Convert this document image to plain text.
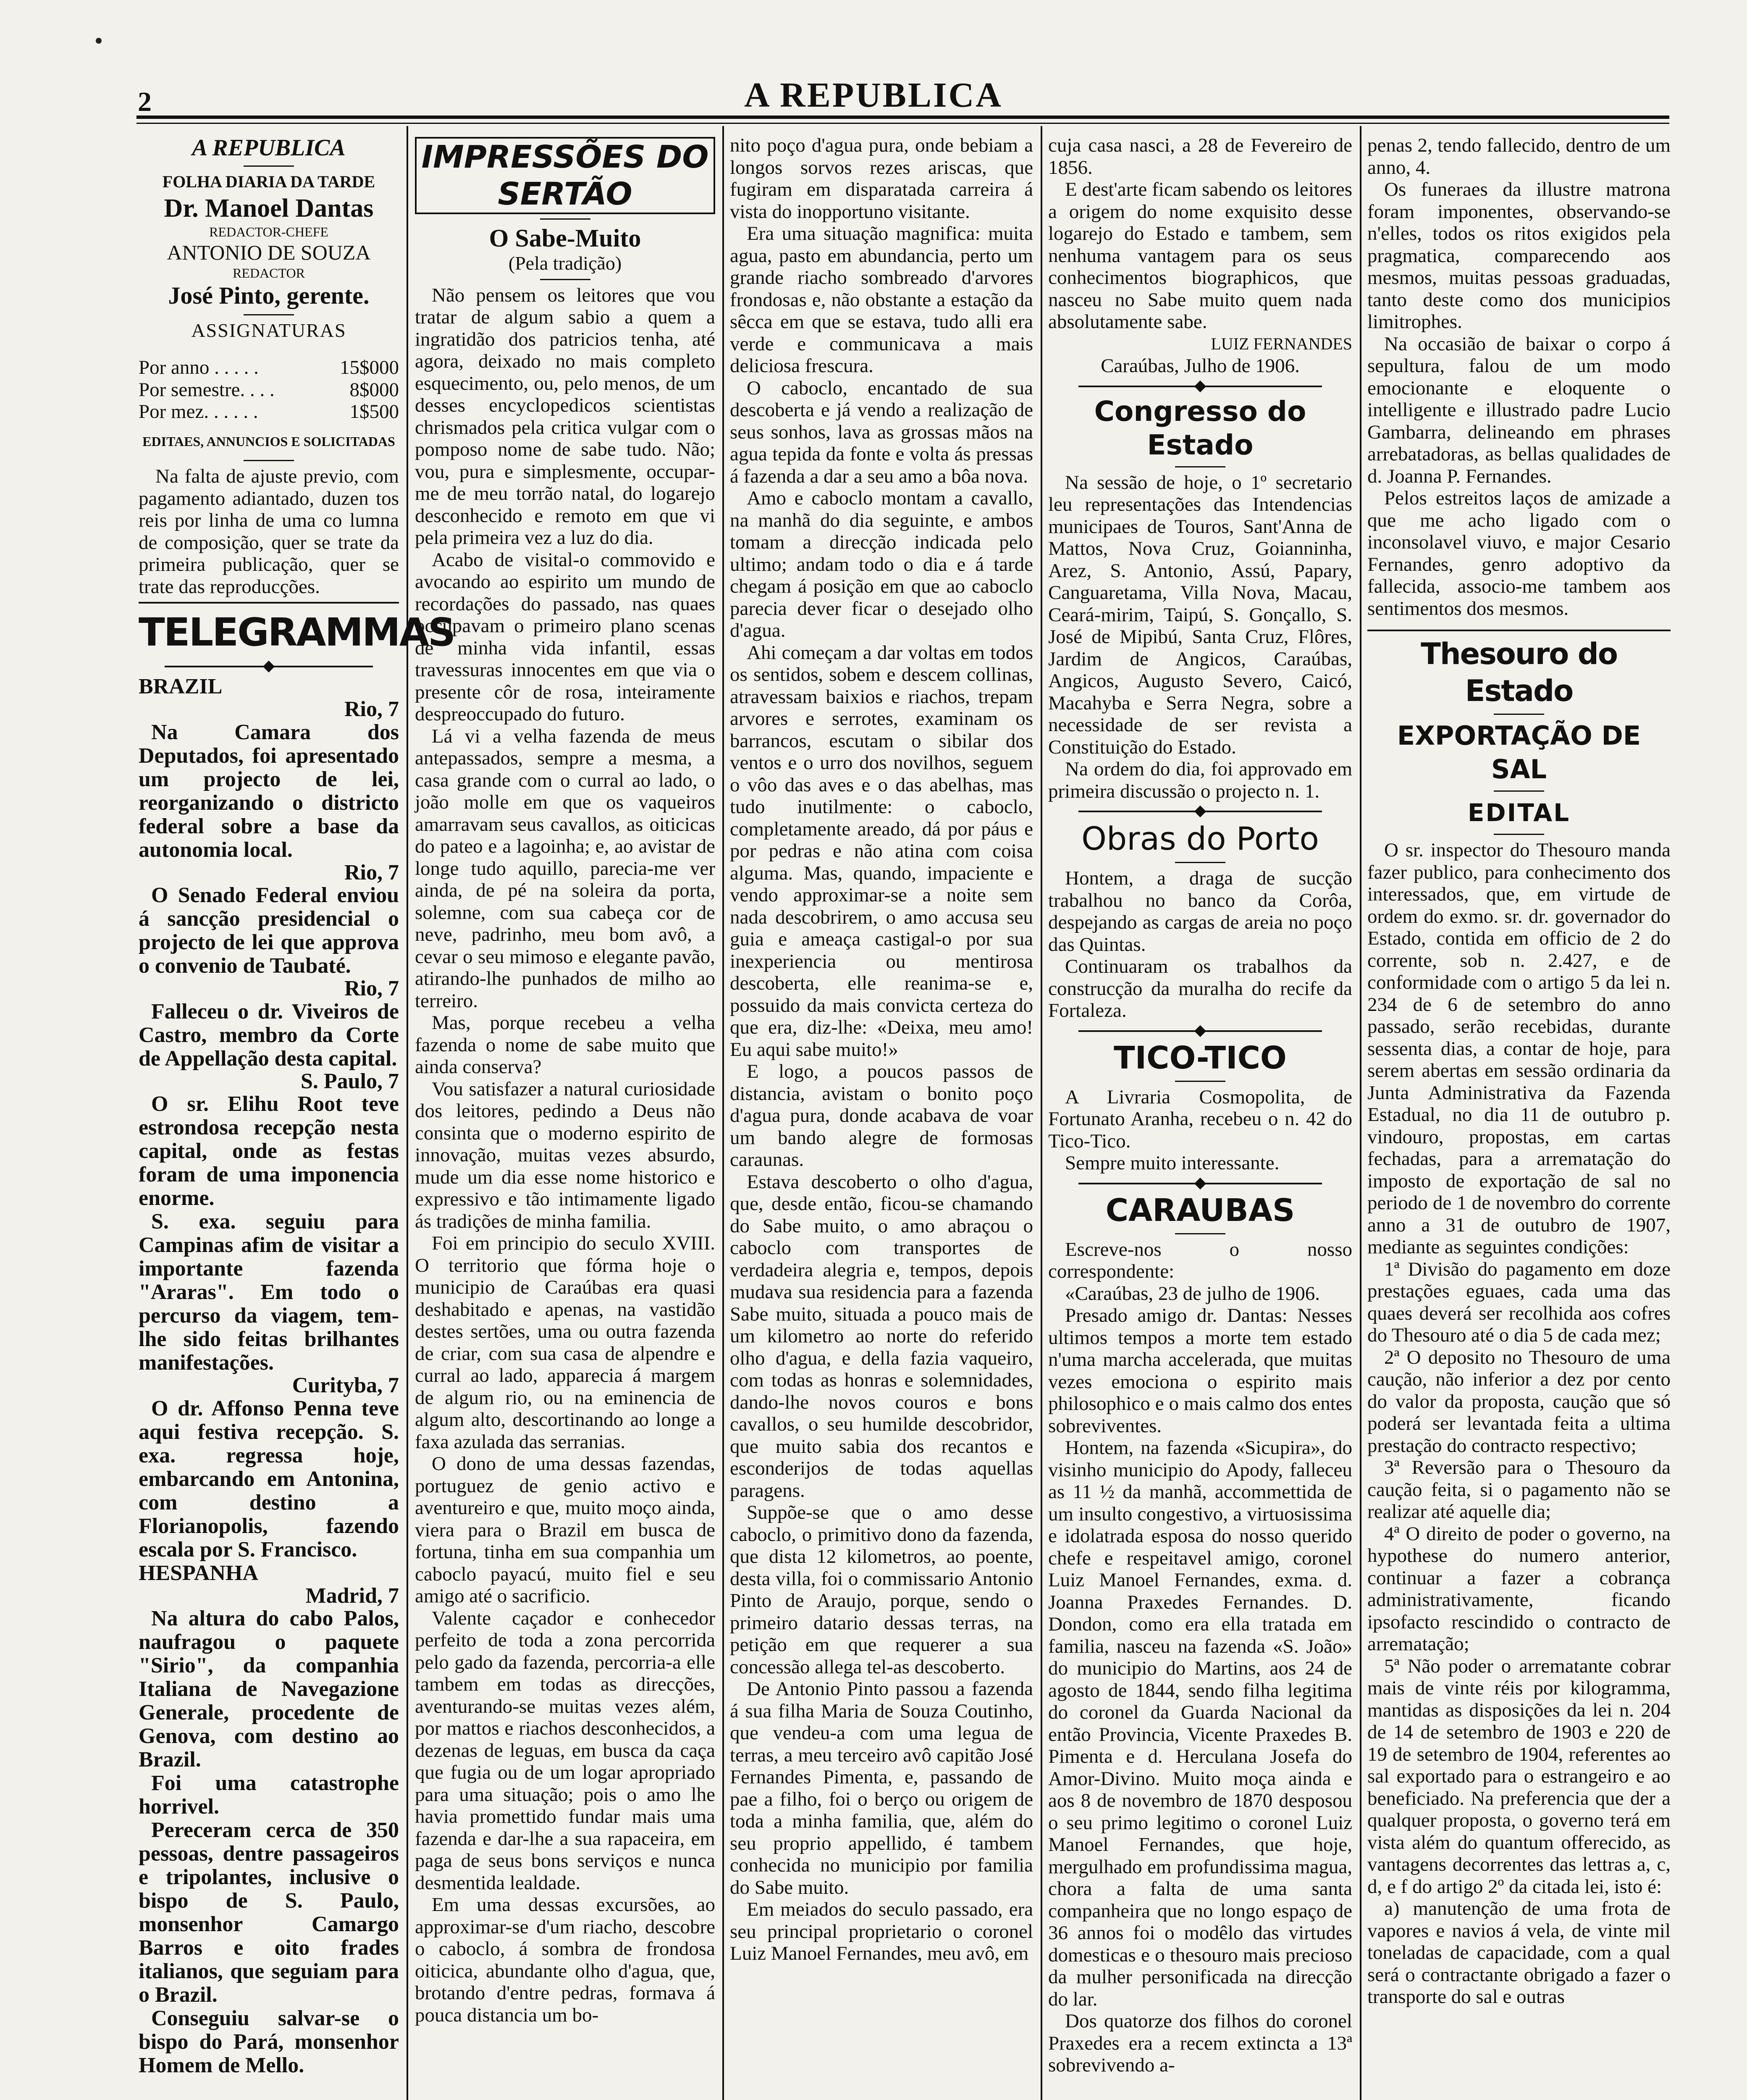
2	A REPUBLICA

A REPUBLICA

FOLHA DIARIA DA TARDE

Dr. Manoel Dantas

REDACTOR-CHEFE

ANTONIO DE SOUZA

REDACTOR

José Pinto, gerente.

ASSIGNATURAS

Por anno . . . . .	15$000
Por semestre. . . .	8$000
Por mez. . . . . .	1$500

EDITAES, ANNUNCIOS E SOLICITADAS

Na falta de ajuste previo, com pagamento adiantado, duzen tos reis por linha de uma co lumna de composição, quer se trate da primeira publicação, quer se trate das reproducções.

TELEGRAMMAS

BRAZIL

Rio, 7

Na Camara dos Deputados, foi apresentado um projecto de lei, reorganizando o districto federal sobre a base da autonomia local.

Rio, 7

O Senado Federal enviou á sancção presidencial o projecto de lei que approva o convenio de Taubaté.

Rio, 7

Falleceu o dr. Viveiros de Castro, membro da Corte de Appellação desta capital.

S. Paulo, 7

O sr. Elihu Root teve estrondosa recepção nesta capital, onde as festas foram de uma imponencia enorme.

S. exa. seguiu para Campinas afim de visitar a importante fazenda "Araras". Em todo o percurso da viagem, tem-lhe sido feitas brilhantes manifestações.

Curityba, 7

O dr. Affonso Penna teve aqui festiva recepção. S. exa. regressa hoje, embarcando em Antonina, com destino a Florianopolis, fazendo escala por S. Francisco.

HESPANHA

Madrid, 7

Na altura do cabo Palos, naufragou o paquete "Sirio", da companhia Italiana de Navegazione Generale, procedente de Genova, com destino ao Brazil.

Foi uma catastrophe horrivel.

Pereceram cerca de 350 pessoas, dentre passageiros e tripolantes, inclusive o bispo de S. Paulo, monsenhor Camargo Barros e oito frades italianos, que seguiam para o Brazil.

Conseguiu salvar-se o bispo do Pará, monsenhor Homem de Mello.

IMPRESSÕES DO SERTÃO

O Sabe-Muito

(Pela tradição)

Não pensem os leitores que vou tratar de algum sabio a quem a ingratidão dos patricios tenha, até agora, deixado no mais completo esquecimento, ou, pelo menos, de um desses encyclopedicos scientistas chrismados pela critica vulgar com o pomposo nome de sabe tudo. Não; vou, pura e simplesmente, occupar-me de meu torrão natal, do logarejo desconhecido e remoto em que vi pela primeira vez a luz do dia.

Acabo de visital-o commovido e avocando ao espirito um mundo de recordações do passado, nas quaes occupavam o primeiro plano scenas de minha vida infantil, essas travessuras innocentes em que via o presente côr de rosa, inteiramente despreoccupado do futuro.

Lá vi a velha fazenda de meus antepassados, sempre a mesma, a casa grande com o curral ao lado, o joão molle em que os vaqueiros amarravam seus cavallos, as oiticicas do pateo e a lagoinha; e, ao avistar de longe tudo aquillo, parecia-me ver ainda, de pé na soleira da porta, solemne, com sua cabeça cor de neve, padrinho, meu bom avô, a cevar o seu mimoso e elegante pavão, atirando-lhe punhados de milho ao terreiro.

Mas, porque recebeu a velha fazenda o nome de sabe muito que ainda conserva?

Vou satisfazer a natural curiosidade dos leitores, pedindo a Deus não consinta que o moderno espirito de innovação, muitas vezes absurdo, mude um dia esse nome historico e expressivo e tão intimamente ligado ás tradições de minha familia.

Foi em principio do seculo XVIII. O territorio que fórma hoje o municipio de Caraúbas era quasi deshabitado e apenas, na vastidão destes sertões, uma ou outra fazenda de criar, com sua casa de alpendre e curral ao lado, apparecia á margem de algum rio, ou na eminencia de algum alto, descortinando ao longe a faxa azulada das serranias.

O dono de uma dessas fazendas, portuguez de genio activo e aventureiro e que, muito moço ainda, viera para o Brazil em busca de fortuna, tinha em sua companhia um caboclo payacú, muito fiel e seu amigo até o sacrificio.

Valente caçador e conhecedor perfeito de toda a zona percorrida pelo gado da fazenda, percorria-a elle tambem em todas as direcções, aventurando-se muitas vezes além, por mattos e riachos desconhecidos, a dezenas de leguas, em busca da caça que fugia ou de um logar apropriado para uma situação; pois o amo lhe havia promettido fundar mais uma fazenda e dar-lhe a sua rapaceira, em paga de seus bons serviços e nunca desmentida lealdade.

Em uma dessas excursões, ao approximar-se d'um riacho, descobre o caboclo, á sombra de frondosa oiticica, abundante olho d'agua, que, brotando d'entre pedras, formava á pouca distancia um bo-

nito poço d'agua pura, onde bebiam a longos sorvos rezes ariscas, que fugiram em disparatada carreira á vista do inopportuno visitante.

Era uma situação magnifica: muita agua, pasto em abundancia, perto um grande riacho sombreado d'arvores frondosas e, não obstante a estação da sêcca em que se estava, tudo alli era verde e communicava a mais deliciosa frescura.

O caboclo, encantado de sua descoberta e já vendo a realização de seus sonhos, lava as grossas mãos na agua tepida da fonte e volta ás pressas á fazenda a dar a seu amo a bôa nova.

Amo e caboclo montam a cavallo, na manhã do dia seguinte, e ambos tomam a direcção indicada pelo ultimo; andam todo o dia e á tarde chegam á posição em que ao caboclo parecia dever ficar o desejado olho d'agua.

Ahi começam a dar voltas em todos os sentidos, sobem e descem collinas, atravessam baixios e riachos, trepam arvores e serrotes, examinam os barrancos, escutam o sibilar dos ventos e o urro dos novilhos, seguem o vôo das aves e o das abelhas, mas tudo inutilmente: o caboclo, completamente areado, dá por páus e por pedras e não atina com coisa alguma. Mas, quando, impaciente e vendo approximar-se a noite sem nada descobrirem, o amo accusa seu guia e ameaça castigal-o por sua inexperiencia ou mentirosa descoberta, elle reanima-se e, possuido da mais convicta certeza do que era, diz-lhe: «Deixa, meu amo! Eu aqui sabe muito!»

E logo, a poucos passos de distancia, avistam o bonito poço d'agua pura, donde acabava de voar um bando alegre de formosas caraunas.

Estava descoberto o olho d'agua, que, desde então, ficou-se chamando do Sabe muito, o amo abraçou o caboclo com transportes de verdadeira alegria e, tempos, depois mudava sua residencia para a fazenda Sabe muito, situada a pouco mais de um kilometro ao norte do referido olho d'agua, e della fazia vaqueiro, com todas as honras e solemnidades, dando-lhe novos couros e bons cavallos, o seu humilde descobridor, que muito sabia dos recantos e esconderijos de todas aquellas paragens.

Suppõe-se que o amo desse caboclo, o primitivo dono da fazenda, que dista 12 kilometros, ao poente, desta villa, foi o commissario Antonio Pinto de Araujo, porque, sendo o primeiro datario dessas terras, na petição em que requerer a sua concessão allega tel-as descoberto.

De Antonio Pinto passou a fazenda á sua filha Maria de Souza Coutinho, que vendeu-a com uma legua de terras, a meu terceiro avô capitão José Fernandes Pimenta, e, passando de pae a filho, foi o berço ou origem de toda a minha familia, que, além do seu proprio appellido, é tambem conhecida no municipio por familia do Sabe muito.

Em meiados do seculo passado, era seu principal proprietario o coronel Luiz Manoel Fernandes, meu avô, em

cuja casa nasci, a 28 de Fevereiro de 1856.

E dest'arte ficam sabendo os leitores a origem do nome exquisito desse logarejo do Estado e tambem, sem nenhuma vantagem para os seus conhecimentos biographicos, que nasceu no Sabe muito quem nada absolutamente sabe.

LUIZ FERNANDES

Caraúbas, Julho de 1906.

Congresso do Estado

Na sessão de hoje, o 1º secretario leu representações das Intendencias municipaes de Touros, Sant'Anna de Mattos, Nova Cruz, Goianninha, Arez, S. Antonio, Assú, Papary, Canguaretama, Villa Nova, Macau, Ceará-mirim, Taipú, S. Gonçallo, S. José de Mipibú, Santa Cruz, Flôres, Jardim de Angicos, Caraúbas, Angicos, Augusto Severo, Caicó, Macahyba e Serra Negra, sobre a necessidade de ser revista a Constituição do Estado.

Na ordem do dia, foi approvado em primeira discussão o projecto n. 1.

Obras do Porto

Hontem, a draga de sucção trabalhou no banco da Corôa, despejando as cargas de areia no poço das Quintas.

Continuaram os trabalhos da construcção da muralha do recife da Fortaleza.

TICO-TICO

A Livraria Cosmopolita, de Fortunato Aranha, recebeu o n. 42 do Tico-Tico.

Sempre muito interessante.

CARAUBAS

Escreve-nos o nosso correspondente:

«Caraúbas, 23 de julho de 1906.

Presado amigo dr. Dantas: Nesses ultimos tempos a morte tem estado n'uma marcha accelerada, que muitas vezes emociona o espirito mais philosophico e o mais calmo dos entes sobreviventes.

Hontem, na fazenda «Sicupira», do visinho municipio do Apody, falleceu as 11 ½ da manhã, accommettida de um insulto congestivo, a virtuosissima e idolatrada esposa do nosso querido chefe e respeitavel amigo, coronel Luiz Manoel Fernandes, exma. d. Joanna Praxedes Fernandes. D. Dondon, como era ella tratada em familia, nasceu na fazenda «S. João» do municipio do Martins, aos 24 de agosto de 1844, sendo filha legitima do coronel da Guarda Nacional da então Provincia, Vicente Praxedes B. Pimenta e d. Herculana Josefa do Amor-Divino. Muito moça ainda e aos 8 de novembro de 1870 desposou o seu primo legitimo o coronel Luiz Manoel Fernandes, que hoje, mergulhado em profundissima magua, chora a falta de uma santa companheira que no longo espaço de 36 annos foi o modêlo das virtudes domesticas e o thesouro mais precioso da mulher personificada na direcção do lar.

Dos quatorze dos filhos do coronel Praxedes era a recem extincta a 13ª sobrevivendo a-

penas 2, tendo fallecido, dentro de um anno, 4.

Os funeraes da illustre matrona foram imponentes, observando-se n'elles, todos os ritos exigidos pela pragmatica, comparecendo aos mesmos, muitas pessoas graduadas, tanto deste como dos municipios limitrophes.

Na occasião de baixar o corpo á sepultura, falou de um modo emocionante e eloquente o intelligente e illustrado padre Lucio Gambarra, delineando em phrases arrebatadoras, as bellas qualidades de d. Joanna P. Fernandes.

Pelos estreitos laços de amizade a que me acho ligado com o inconsolavel viuvo, e major Cesario Fernandes, genro adoptivo da fallecida, associo-me tambem aos sentimentos dos mesmos.

Thesouro do Estado
EXPORTAÇÃO DE SAL
EDITAL

O sr. inspector do Thesouro manda fazer publico, para conhecimento dos interessados, que, em virtude de ordem do exmo. sr. dr. governador do Estado, contida em officio de 2 do corrente, sob n. 2.427, e de conformidade com o artigo 5 da lei n. 234 de 6 de setembro do anno passado, serão recebidas, durante sessenta dias, a contar de hoje, para serem abertas em sessão ordinaria da Junta Administrativa da Fazenda Estadual, no dia 11 de outubro p. vindouro, propostas, em cartas fechadas, para a arrematação do imposto de exportação de sal no periodo de 1 de novembro do corrente anno a 31 de outubro de 1907, mediante as seguintes condições:

1ª Divisão do pagamento em doze prestações eguaes, cada uma das quaes deverá ser recolhida aos cofres do Thesouro até o dia 5 de cada mez;

2ª O deposito no Thesouro de uma caução, não inferior a dez por cento do valor da proposta, caução que só poderá ser levantada feita a ultima prestação do contracto respectivo;

3ª Reversão para o Thesouro da caução feita, si o pagamento não se realizar até aquelle dia;

4ª O direito de poder o governo, na hypothese do numero anterior, continuar a fazer a cobrança administrativamente, ficando ipsofacto rescindido o contracto de arrematação;

5ª Não poder o arrematante cobrar mais de vinte réis por kilogramma, mantidas as disposições da lei n. 204 de 14 de setembro de 1903 e 220 de 19 de setembro de 1904, referentes ao sal exportado para o estrangeiro e ao beneficiado. Na preferencia que der a qualquer proposta, o governo terá em vista além do quantum offerecido, as vantagens decorrentes das lettras a, c, d, e f do artigo 2º da citada lei, isto é:

a) manutenção de uma frota de vapores e navios á vela, de vinte mil toneladas de capacidade, com a qual será o contractante obrigado a fazer o transporte do sal e outras
